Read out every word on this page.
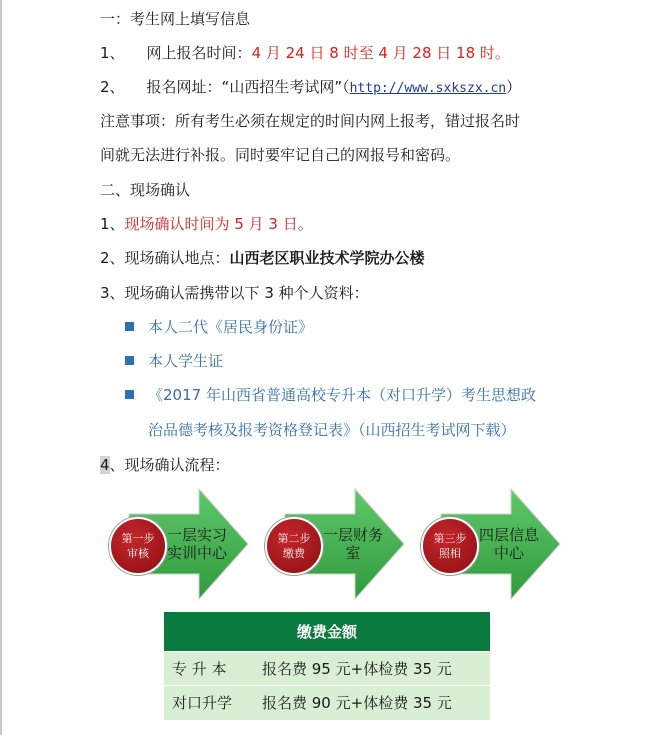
一：考生网上填写信息
1、 网上报名时间：4 月 24 日 8 时至 4 月 28 日 18 时。
2、 报名网址：“山西招生考试网”（http://www.sxkszx.cn）
注意事项：所有考生必须在规定的时间内网上报考，错过报名时
间就无法进行补报。同时要牢记自己的网报号和密码。
二、现场确认
1、现场确认时间为 5 月 3 日。
2、现场确认地点：山西老区职业技术学院办公楼
3、现场确认需携带以下 3 种个人资料：
本人二代《居民身份证》
本人学生证
《2017 年山西省普通高校专升本（对口升学）考生思想政
治品德考核及报考资格登记表》（山西招生考试网下载）
4、现场确认流程：
第一步
审核
一层实习实训中心
第二步
缴费
一层财务室
第三步
照相
四层信息中心
缴费金额	
专 升 本	报名费 95 元+体检费 35 元
对口升学	报名费 90 元+体检费 35 元
